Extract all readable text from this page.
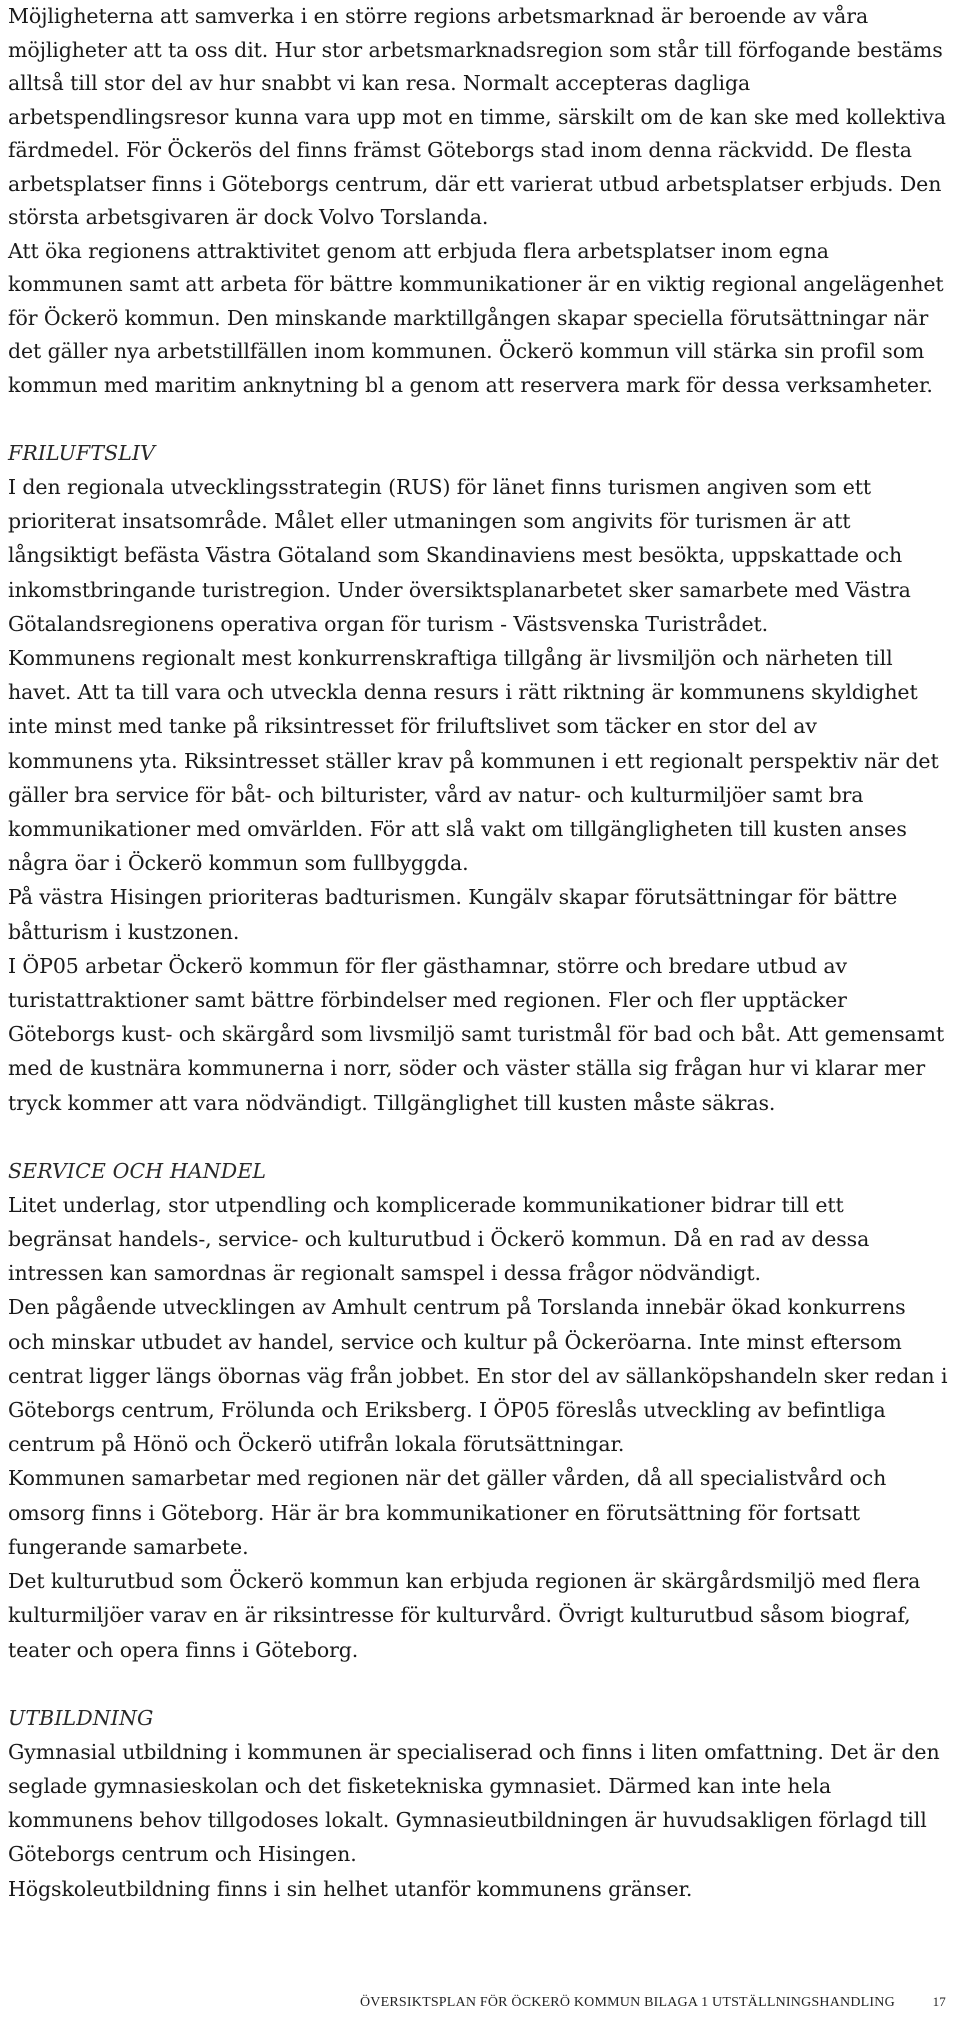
Möjligheterna att samverka i en större regions arbetsmarknad är beroende av våra möjligheter att ta oss dit. Hur stor arbetsmarknadsregion som står till förfogande bestäms alltså till stor del av hur snabbt vi kan resa. Normalt accepteras dagliga arbetspendlingsresor kunna vara upp mot en timme, särskilt om de kan ske med kollektiva färdmedel. För Öckerös del finns främst Göteborgs stad inom denna räckvidd. De flesta arbetsplatser finns i Göteborgs centrum, där ett varierat utbud arbetsplatser erbjuds. Den största arbetsgivaren är dock Volvo Torslanda.

Att öka regionens attraktivitet genom att erbjuda flera arbetsplatser inom egna kommunen samt att arbeta för bättre kommunikationer är en viktig regional angelägenhet för Öckerö kommun. Den minskande marktillgången skapar speciella förutsättningar när det gäller nya arbetstillfällen inom kommunen. Öckerö kommun vill stärka sin profil som kommun med maritim anknytning bl a genom att reservera mark för dessa verksamheter.

FRILUFTSLIV

I den regionala utvecklingsstrategin (RUS) för länet finns turismen angiven som ett prioriterat insatsområde. Målet eller utmaningen som angivits för turismen är att långsiktigt befästa Västra Götaland som Skandinaviens mest besökta, uppskattade och inkomstbringande turistregion. Under översiktsplanarbetet sker samarbete med Västra Götalandsregionens operativa organ för turism - Västsvenska Turistrådet.

Kommunens regionalt mest konkurrenskraftiga tillgång är livsmiljön och närheten till havet. Att ta till vara och utveckla denna resurs i rätt riktning är kommunens skyldighet inte minst med tanke på riksintresset för friluftslivet som täcker en stor del av kommunens yta. Riksintresset ställer krav på kommunen i ett regionalt perspektiv när det gäller bra service för båt- och bilturister, vård av natur- och kulturmiljöer samt bra kommunikationer med omvärlden. För att slå vakt om tillgängligheten till kusten anses några öar i Öckerö kommun som fullbyggda.

På västra Hisingen prioriteras badturismen. Kungälv skapar förutsättningar för bättre båtturism i kustzonen.

I ÖP05 arbetar Öckerö kommun för fler gästhamnar, större och bredare utbud av turistattraktioner samt bättre förbindelser med regionen. Fler och fler upptäcker Göteborgs kust- och skärgård som livsmiljö samt turistmål för bad och båt. Att gemensamt med de kustnära kommunerna i norr, söder och väster ställa sig frågan hur vi klarar mer tryck kommer att vara nödvändigt. Tillgänglighet till kusten måste säkras.

SERVICE OCH HANDEL

Litet underlag, stor utpendling och komplicerade kommunikationer bidrar till ett begränsat handels-, service- och kulturutbud i Öckerö kommun. Då en rad av dessa intressen kan samordnas är regionalt samspel i dessa frågor nödvändigt.

Den pågående utvecklingen av Amhult centrum på Torslanda innebär ökad konkurrens och minskar utbudet av handel, service och kultur på Öckeröarna. Inte minst eftersom centrat ligger längs öbornas väg från jobbet. En stor del av sällanköpshandeln sker redan i Göteborgs centrum, Frölunda och Eriksberg. I ÖP05 föreslås utveckling av befintliga centrum på Hönö och Öckerö utifrån lokala förutsättningar.

Kommunen samarbetar med regionen när det gäller vården, då all specialistvård och omsorg finns i Göteborg. Här är bra kommunikationer en förutsättning för fortsatt fungerande samarbete.

Det kulturutbud som Öckerö kommun kan erbjuda regionen är skärgårdsmiljö med flera kulturmiljöer varav en är riksintresse för kulturvård. Övrigt kulturutbud såsom biograf, teater och opera finns i Göteborg.

UTBILDNING

Gymnasial utbildning i kommunen är specialiserad och finns i liten omfattning. Det är den seglade gymnasieskolan och det fisketekniska gymnasiet. Därmed kan inte hela kommunens behov tillgodoses lokalt. Gymnasieutbildningen är huvudsakligen förlagd till Göteborgs centrum och Hisingen.

Högskoleutbildning finns i sin helhet utanför kommunens gränser.

ÖVERSIKTSPLAN FÖR ÖCKERÖ KOMMUN BILAGA 1 UTSTÄLLNINGSHANDLING	17
